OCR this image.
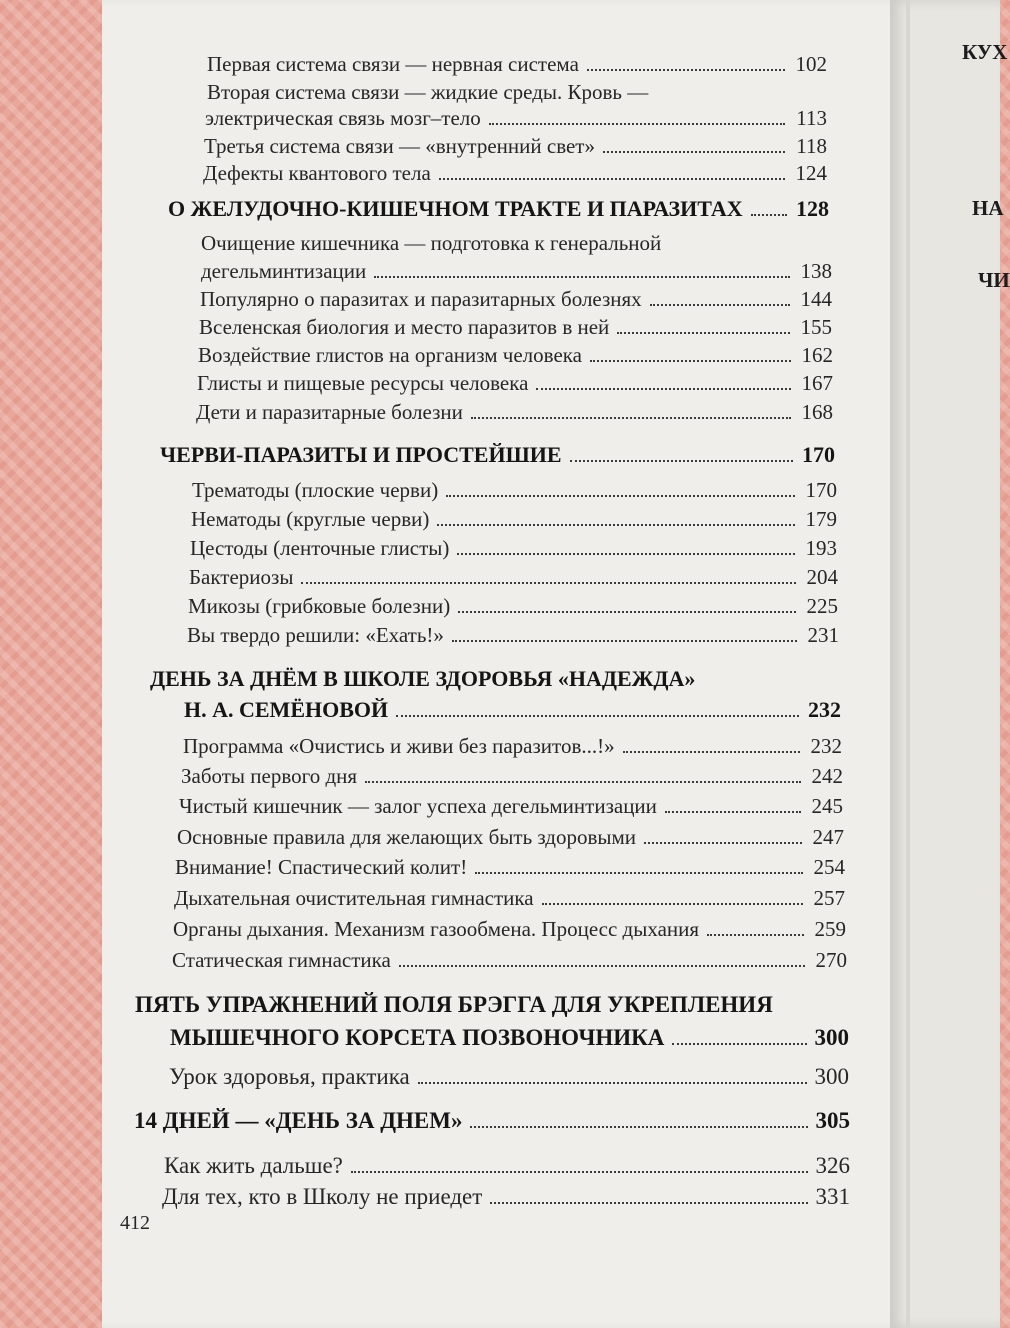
КУХ
НА
ЧИ
Первая система связи — нервная система	102
Вторая система связи — жидкие среды. Кровь —
электрическая связь мозг–тело	113
Третья система связи — «внутренний свет»	118
Дефекты квантового тела	124
О ЖЕЛУДОЧНО-КИШЕЧНОМ ТРАКТЕ И ПАРАЗИТАХ 128
Очищение кишечника — подготовка к генеральной
дегельминтизации	138
Популярно о паразитах и паразитарных болезнях	144
Вселенская биология и место паразитов в ней	155
Воздействие глистов на организм человека	162
Глисты и пищевые ресурсы человека	167
Дети и паразитарные болезни	168
ЧЕРВИ-ПАРАЗИТЫ И ПРОСТЕЙШИЕ	170
Трематоды (плоские черви)	170
Нематоды (круглые черви)	179
Цестоды (ленточные глисты)	193
Бактериозы	204
Микозы (грибковые болезни)	225
Вы твердо решили: «Ехать!»	231
ДЕНЬ ЗА ДНЁМ В ШКОЛЕ ЗДОРОВЬЯ «НАДЕЖДА»
Н. А. СЕМЁНОВОЙ	232
Программа «Очистись и живи без паразитов...!»	232
Заботы первого дня	242
Чистый кишечник — залог успеха дегельминтизации	245
Основные правила для желающих быть здоровыми	247
Внимание! Спастический колит!	254
Дыхательная очистительная гимнастика	257
Органы дыхания. Механизм газообмена. Процесс дыхания	259
Статическая гимнастика	270
ПЯТЬ УПРАЖНЕНИЙ ПОЛЯ БРЭГГА ДЛЯ УКРЕПЛЕНИЯ
МЫШЕЧНОГО КОРСЕТА ПОЗВОНОЧНИКА	300
Урок здоровья, практика	300
14 ДНЕЙ — «ДЕНЬ ЗА ДНЕМ»	305
Как жить дальше?	326
Для тех, кто в Школу не приедет	331
412
